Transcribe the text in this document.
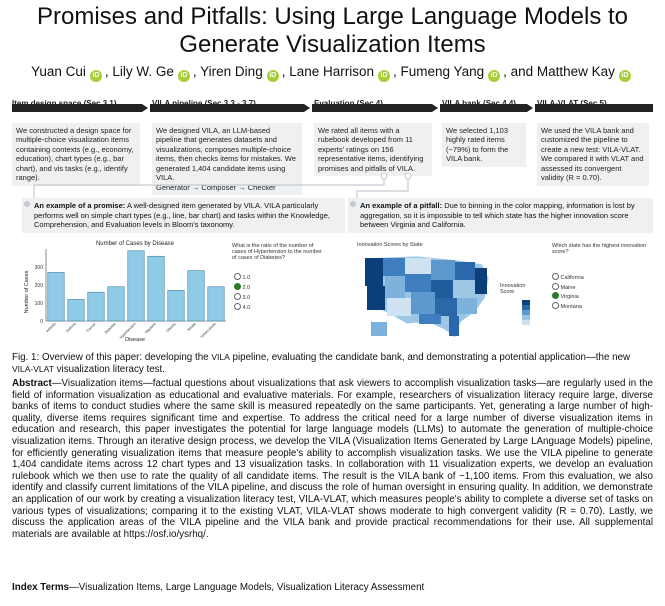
Promises and Pitfalls: Using Large Language Models to
Generate Visualization Items
Yuan Cui iD , Lily W. Ge iD , Yiren Ding iD , Lane Harrison iD , Fumeng Yang iD , and Matthew Kay iD
Item design space (Sec 3.1)
We constructed a design space for multiple-choice visualization items containing contexts (e.g., economy, education), chart types (e.g., bar chart), and vis tasks (e.g., identify range).
VILA pipeline (Sec 3.3 - 3.7)
We designed VILA, an LLM-based pipeline that generates datasets and visualizations, composes multiple-choice items, then checks items for mistakes. We generated 1,404 candidate items using VILA.
Generator → Composer → Checker
Evaluation (Sec 4)
We rated all items with a rubebook developed from 11 experts' ratings on 156 representative items, identifying promises and pitfalls of VILA.
VILA bank (Sec 4.4)
We selected 1,103 highly rated items (~79%) to form the VILA bank.
VILA-VLAT (Sec 5)
We used the VILA bank and customized the pipeline to create a new test: VILA-VLAT. We compared it with VLAT and assessed its convergent validity (R = 0.70).
An example of a promise: A well-designed item generated by VILA. VILA particularly performs well on simple chart types (e.g., line, bar chart) and tasks within the Knowledge, Comprehension, and Evaluation levels in Bloom's taxonomy.
An example of a pitfall: Due to binning in the color mapping, information is lost by aggregation, so it is impossible to tell which state has the higher innovation score between Virginia and California.
Number of Cases by Disease
Number of Cases
Disease
0
100
200
300
Arthritis Asthma Cancer Diabetes Hypertension Migraine Obesity	Stroke Tuberculosis
What is the ratio of the number of cases of Hypertension to the number of cases of Diabetes?
1.0
2.0
3.0
4.0
Innovation Scores by State
Innovation Score
Which state has the highest innovation score?
California
Maine
Virginia
Montana
Fig. 1: Overview of this paper: developing the VILA pipeline, evaluating the candidate bank, and demonstrating a potential application—the new VILA-VLAT visualization literacy test.
Abstract—Visualization items—factual questions about visualizations that ask viewers to accomplish visualization tasks—are regularly used in the field of information visualization as educational and evaluative materials. For example, researchers of visualization literacy require large, diverse banks of items to conduct studies where the same skill is measured repeatedly on the same participants. Yet, generating a large number of high-quality, diverse items requires significant time and expertise. To address the critical need for a large number of diverse visualization items in education and research, this paper investigates the potential for large language models (LLMs) to automate the generation of multiple-choice visualization items. Through an iterative design process, we develop the VILA (Visualization Items Generated by Large LAnguage Models) pipeline, for efficiently generating visualization items that measure people's ability to accomplish visualization tasks. We use the VILA pipeline to generate 1,404 candidate items across 12 chart types and 13 visualization tasks. In collaboration with 11 visualization experts, we develop an evaluation rulebook which we then use to rate the quality of all candidate items. The result is the VILA bank of ~1,100 items. From this evaluation, we also identify and classify current limitations of the VILA pipeline, and discuss the role of human oversight in ensuring quality. In addition, we demonstrate an application of our work by creating a visualization literacy test, VILA-VLAT, which measures people's ability to complete a diverse set of tasks on various types of visualizations; comparing it to the existing VLAT, VILA-VLAT shows moderate to high convergent validity (R = 0.70). Lastly, we discuss the application areas of the VILA pipeline and the VILA bank and provide practical recommendations for their use. All supplemental materials are available at https://osf.io/ysrhq/.
Index Terms—Visualization Items, Large Language Models, Visualization Literacy Assessment
